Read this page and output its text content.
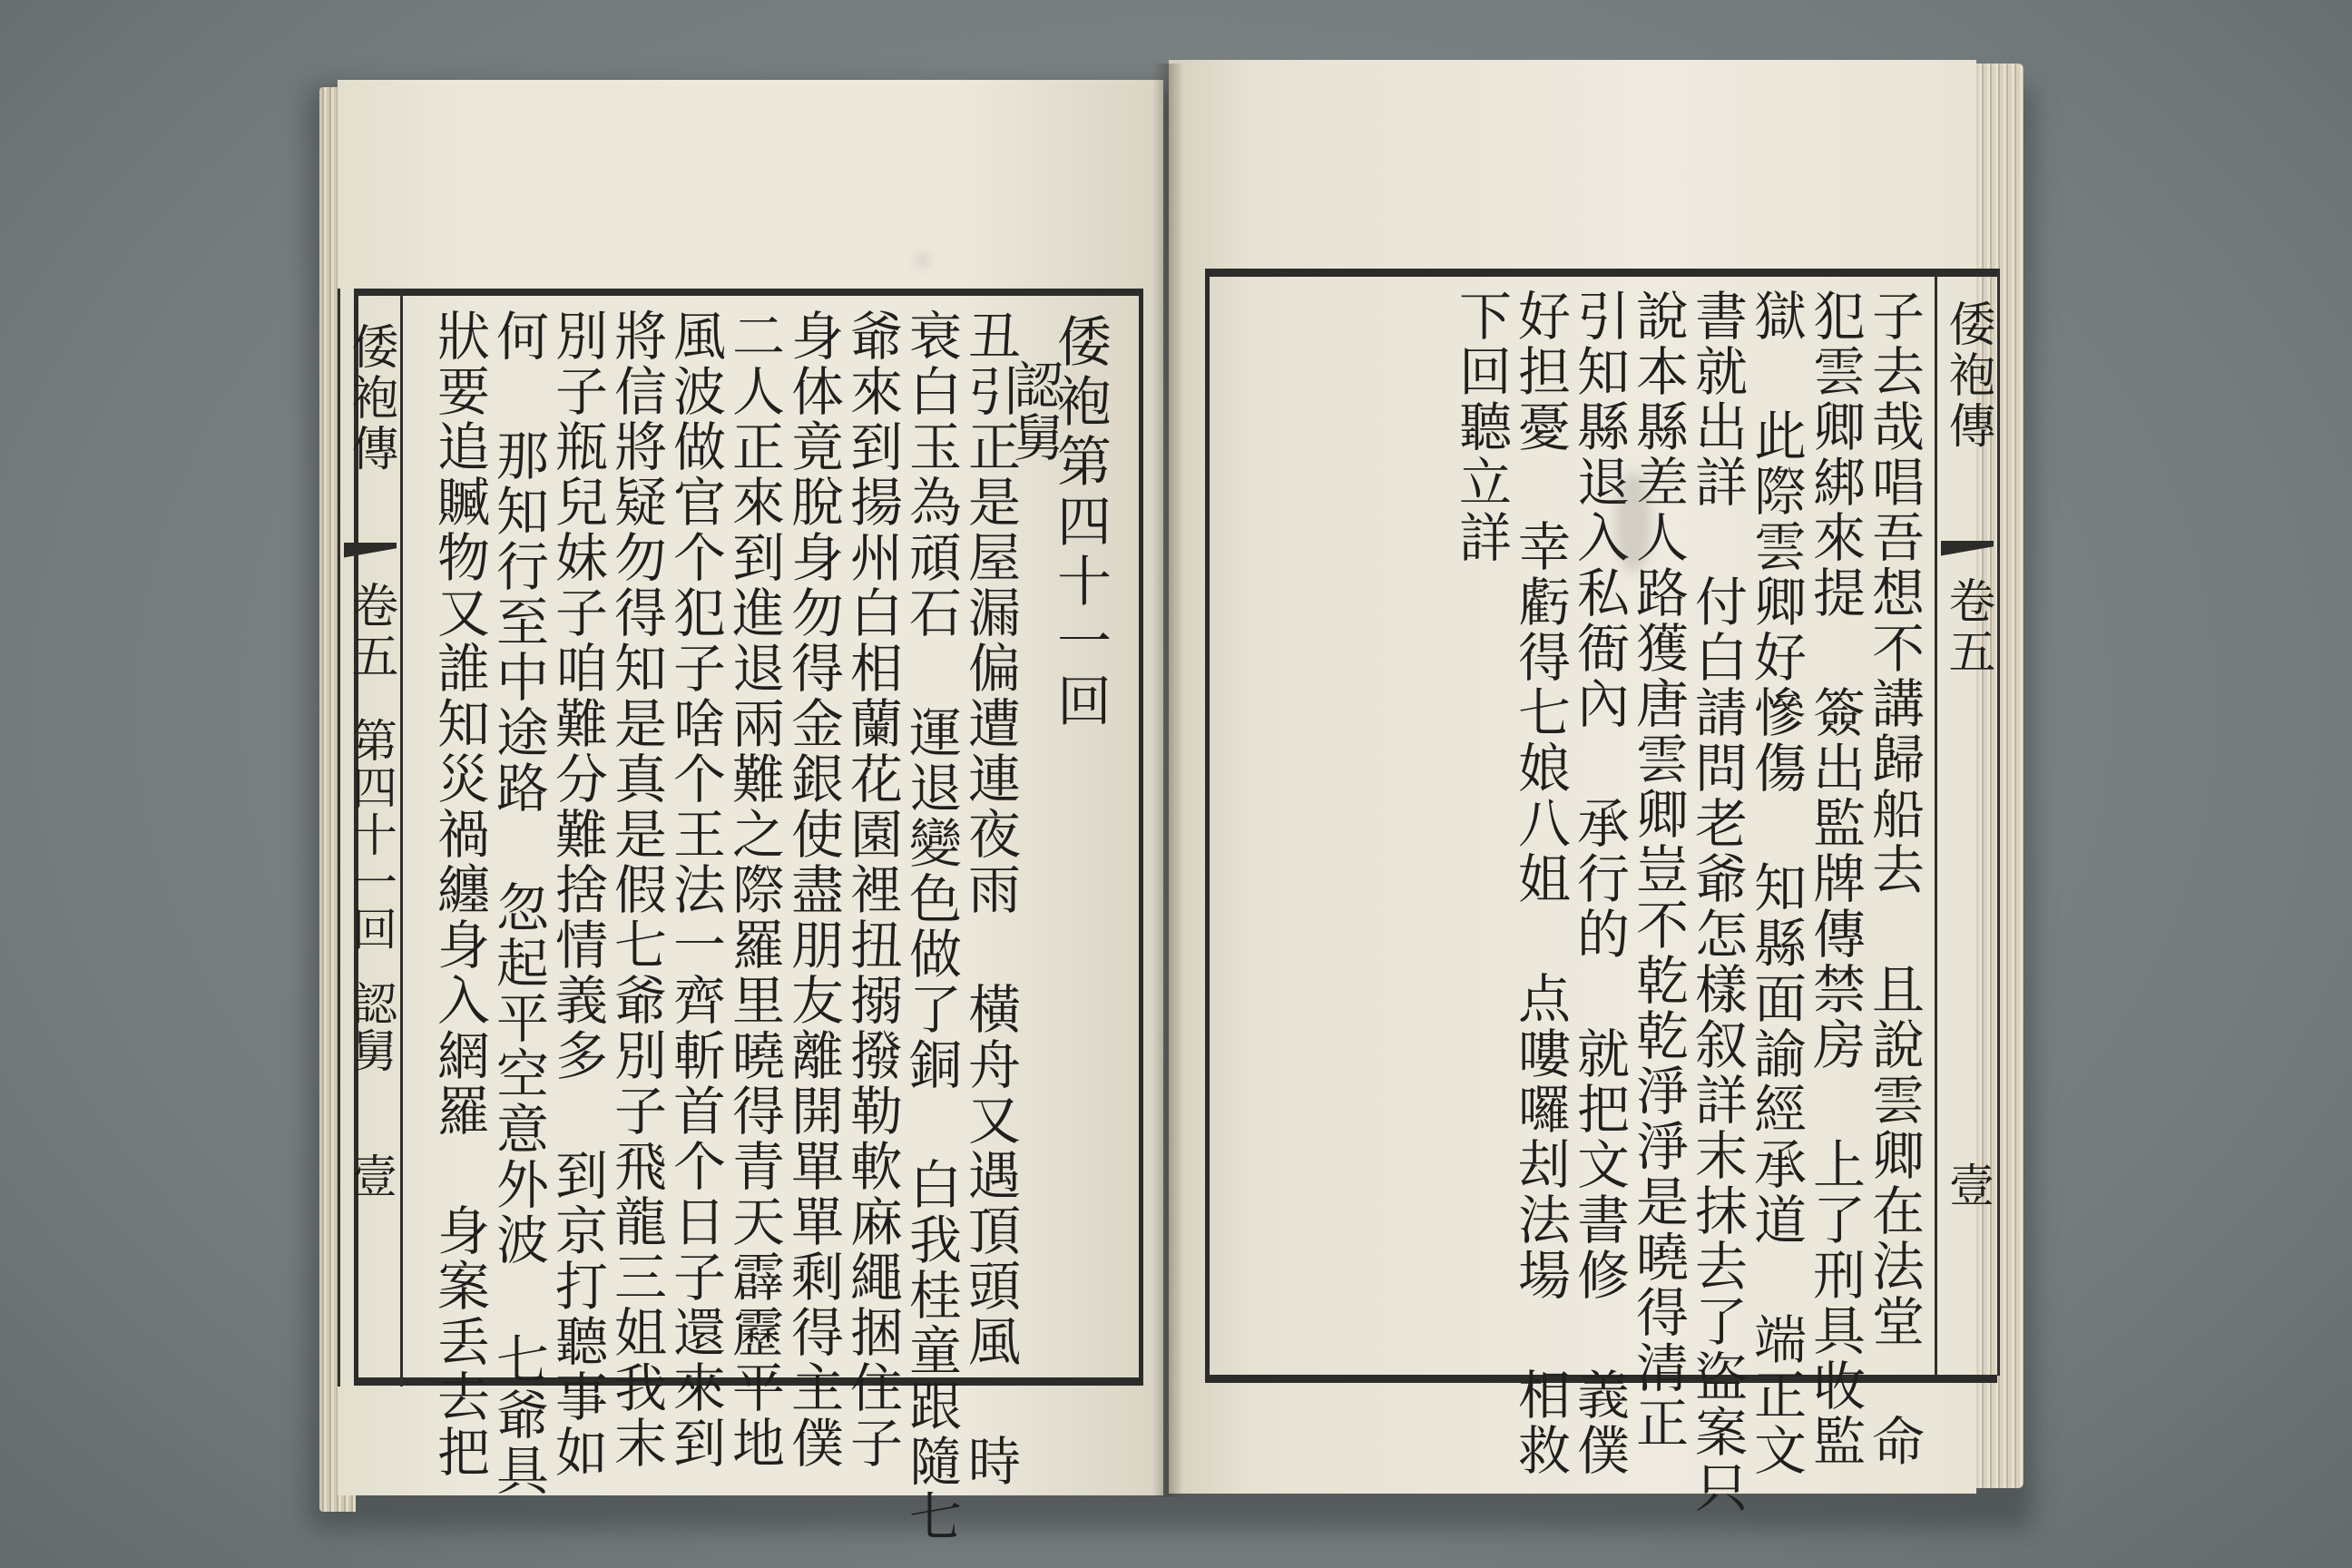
倭袍傳
卷五
第四十一回
認舅
壹
倭袍第四十一回
認舅
丑引正是屋漏偏遭連夜雨 橫舟又遇頂頭風 時
衰白玉為頑石 運退變色做了銅 白我桂童跟隨七
爺來到揚州白相蘭花園裡扭搦撥勒軟麻繩捆住子
身体竟脫身勿得金銀使盡朋友離開單單剩得主僕
二人正來到進退兩難之際羅里曉得青天霹靂平地
風波做官个犯子啥个王法一齊斬首个日子還來到
將信將疑勿得知是真是假七爺別子飛龍三姐我末
別子瓶兒妹子咱難分難捨情義多 到京打聽事如
何 那知行至中途路 忽起平空意外波 七爺具
狀要追贓物又誰知災禍纏身入網羅 身案丢去把	倭袍傳
卷五
壹
子去哉唱吾想不講歸船去 且說雲卿在法堂 命
犯雲卿綁來提 簽出監牌傳禁房 上了刑具收監
獄 此際雲卿好慘傷 知縣面諭經承道 端正文
書就出詳 付白請問老爺怎樣叙詳末抹去了盜案只
說本縣差人路獲唐雲卿豈不乾乾淨淨是曉得清正
引知縣退入私衙內 承行的 就把文書修 義僕
好担憂 幸虧得七娘八姐 点嘍囉刦法場 相救
下回聽立詳
